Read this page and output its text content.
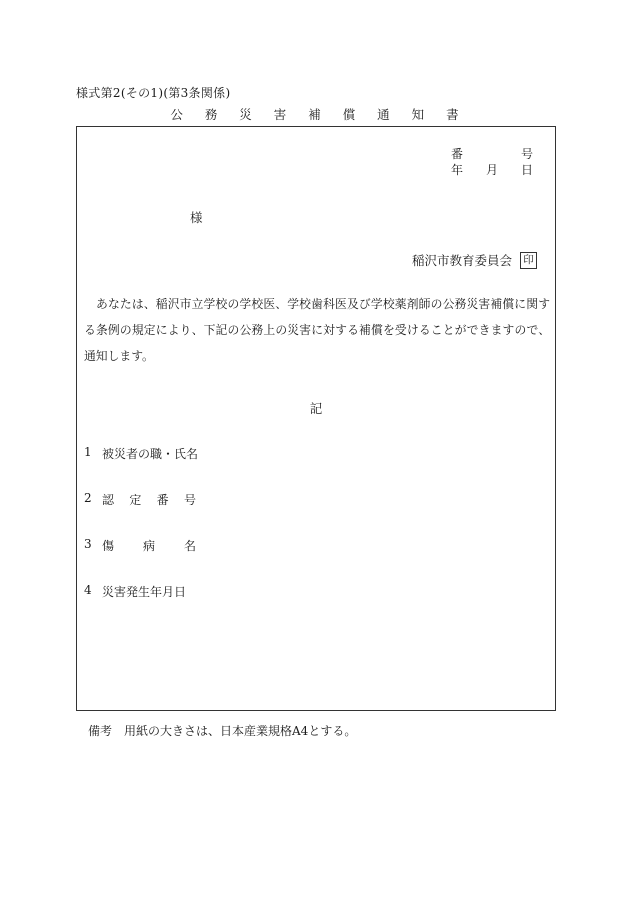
様式第2(その1)(第3条関係)
公 務 災 害 補 償 通 知 書
番	号
年 月 日
様
稲沢市教育委員会	印
あなたは、稲沢市立学校の学校医、学校歯科医及び学校薬剤師の公務災害補償に関する条例の規定により、下記の公務上の災害に対する補償を受けることができますので、通知します。
記
1 被災者の職・氏名
2 認 定 番 号
3 傷 病 名
4 災害発生年月日
備考 用紙の大きさは、日本産業規格A4とする。
